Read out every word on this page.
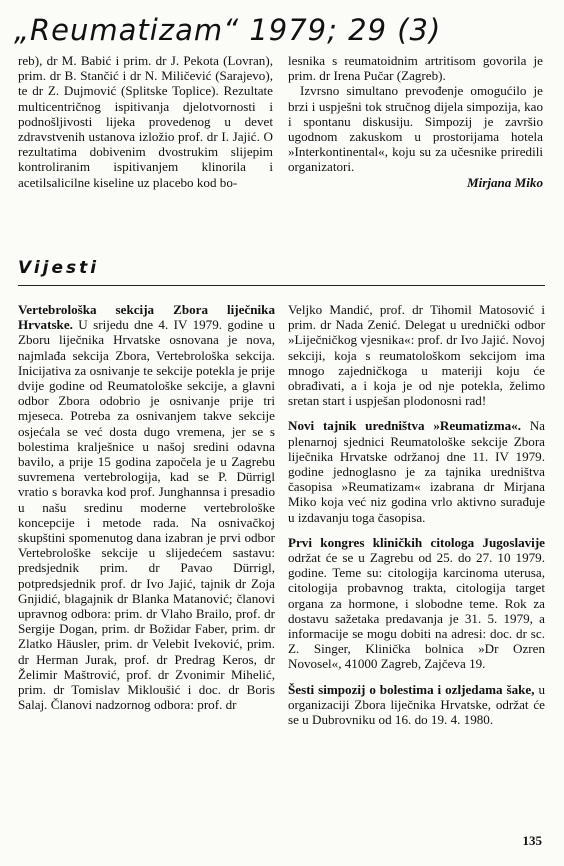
„Reumatizam“ 1979; 29 (3)

reb), dr M. Babić i prim. dr J. Pekota (Lovran), prim. dr B. Stančić i dr N. Miličević (Sarajevo), te dr Z. Dujmović (Splitske Toplice). Rezultate multicentričnog ispitivanja djelotvornosti i podnošljivosti lijeka provedenog u devet zdravstvenih ustanova izložio prof. dr I. Jajić. O rezultatima dobivenim dvostrukim slijepim kontroliranim ispitivanjem klinorila i acetilsalicilne kiseline uz placebo kod bo-

lesnika s reumatoidnim artritisom govorila je prim. dr Irena Pučar (Zagreb).

Izvrsno simultano prevođenje omogućilo je brzi i uspješni tok stručnog dijela simpozija, kao i spontanu diskusiju. Simpozij je završio ugodnom zakuskom u prostorijama hotela »Interkontinental«, koju su za učesnike priredili organizatori.

Mirjana Miko

Vijesti

Vertebrološka sekcija Zbora liječnika Hrvatske. U srijedu dne 4. IV 1979. godine u Zboru liječnika Hrvatske osnovana je nova, najmlađa sekcija Zbora, Vertebrološka sekcija. Inicijativa za osnivanje te sekcije potekla je prije dvije godine od Reumatološke sekcije, a glavni odbor Zbora odobrio je osnivanje prije tri mjeseca. Potreba za osnivanjem takve sekcije osjećala se već dosta dugo vremena, jer se s bolestima kralješnice u našoj sredini odavna bavilo, a prije 15 godina započela je u Zagrebu suvremena vertebrologija, kad se P. Dürrigl vratio s boravka kod prof. Junghannsa i presadio u našu sredinu moderne vertebrološke koncepcije i metode rada. Na osnivačkoj skupštini spomenutog dana izabran je prvi odbor Vertebrološke sekcije u slijedećem sastavu: predsjednik prim. dr Pavao Dürrigl, potpredsjednik prof. dr Ivo Jajić, tajnik dr Zoja Gnjidić, blagajnik dr Blanka Matanović; članovi upravnog odbora: prim. dr Vlaho Brailo, prof. dr Sergije Dogan, prim. dr Božidar Faber, prim. dr Zlatko Häusler, prim. dr Velebit Iveković, prim. dr Herman Jurak, prof. dr Predrag Keros, dr Želimir Maštrović, prof. dr Zvonimir Mihelić, prim. dr Tomislav Mikloušić i doc. dr Boris Salaj. Članovi nadzornog odbora: prof. dr

Veljko Mandić, prof. dr Tihomil Matosović i prim. dr Nada Zenić. Delegat u uredničk​i odbor »Liječničkog vjesnika«: prof. dr Ivo Jajić. Novoj sekciji, koja s reumatološkom sekcijom ima mnogo zajedničkoga u materiji koju će obrađivati, a i koja je od nje potekla, želimo sretan start i uspješan plodonosni rad!

Novi tajnik uredništva »Reumatizma«. Na plenarnoj sjednici Reumatološke sekcije Zbora liječnika Hrvatske održanoj dne 11. IV 1979. godine jednoglasno je za tajnika uredništva časopisa »Reumatizam« izabrana dr Mirjana Miko koja već niz godina vrlo aktivno surađuje u izdavanju toga časopisa.

Prvi kongres kliničkih citologa Jugoslavije održat će se u Zagrebu od 25. do 27. 10 1979. godine. Teme su: citologija karcinoma uterusa, citologija probavnog trakta, citologija target organa za hormone, i slobodne teme. Rok za dostavu sažetaka predavanja je 31. 5. 1979, a informacije se mogu dobiti na adresi: doc. dr sc. Z. Singer, Klinička bolnica »Dr Ozren Novosel«, 41000 Zagreb, Zajčeva 19.

Šesti simpozij o bolestima i ozljedama šake, u organizaciji Zbora liječnika Hrvatske, održat će se u Dubrovniku od 16. do 19. 4. 1980.

135
